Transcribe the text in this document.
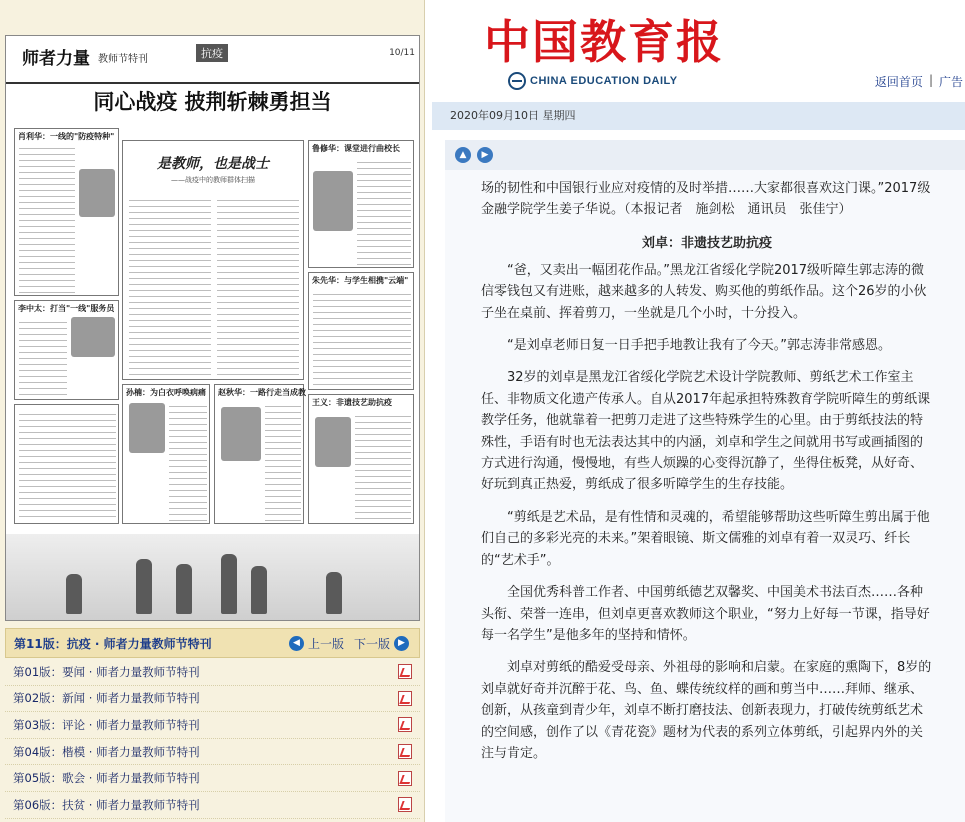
师者力量 教师节特刊	抗疫	10/11
同心战疫 披荆斩棘勇担当
肖利华：一线的"防疫特种"
李中太：打当"一线"服务员
是教师，也是战士
——战疫中的教师群体扫描
孙楠：为白衣呼唤病痛 赵秋华：一路行走当成教
鲁修华：课堂进行曲校长
朱先华：与学生相携"云端"
王义：非遗技艺助抗疫
第11版：抗疫 · 师者力量教师节特刊	◀ 上一版 下一版 ▶
第01版：要闻 · 师者力量教师节特刊
第02版：新闻 · 师者力量教师节特刊
第03版：评论 · 师者力量教师节特刊
第04版：楷模 · 师者力量教师节特刊
第05版：歌会 · 师者力量教师节特刊
第06版：扶贫 · 师者力量教师节特刊
中国教育报
CHINA EDUCATION DAILY	返回首页 | 广告
2020年09月10日 星期四
▲	▶

场的韧性和中国银行业应对疫情的及时举措……大家都很喜欢这门课。”2017级金融学院学生姜子华说。（本报记者　施剑松　通讯员　张佳宁）

刘卓：非遗技艺助抗疫

“爸，又卖出一幅团花作品。”黑龙江省绥化学院2017级听障生郭志涛的微信零钱包又有进账，越来越多的人转发、购买他的剪纸作品。这个26岁的小伙子坐在桌前、挥着剪刀，一坐就是几个小时，十分投入。

“是刘卓老师日复一日手把手地教让我有了今天。”郭志涛非常感恩。

32岁的刘卓是黑龙江省绥化学院艺术设计学院教师、剪纸艺术工作室主任、非物质文化遗产传承人。自从2017年起承担特殊教育学院听障生的剪纸课教学任务，他就靠着一把剪刀走进了这些特殊学生的心里。由于剪纸技法的特殊性，手语有时也无法表达其中的内涵，刘卓和学生之间就用书写或画插图的方式进行沟通，慢慢地，有些人烦躁的心变得沉静了，坐得住板凳，从好奇、好玩到真正热爱，剪纸成了很多听障学生的生存技能。

“剪纸是艺术品，是有性情和灵魂的，希望能够帮助这些听障生剪出属于他们自己的多彩光亮的未来。”架着眼镜、斯文儒雅的刘卓有着一双灵巧、纤长的“艺术手”。

全国优秀科普工作者、中国剪纸德艺双馨奖、中国美术书法百杰……各种头衔、荣誉一连串，但刘卓更喜欢教师这个职业，“努力上好每一节课，指导好每一名学生”是他多年的坚持和情怀。

刘卓对剪纸的酷爱受母亲、外祖母的影响和启蒙。在家庭的熏陶下，8岁的刘卓就好奇并沉醉于花、鸟、鱼、蝶传统纹样的画和剪当中……拜师、继承、创新，从孩童到青少年，刘卓不断打磨技法、创新表现力，打破传统剪纸艺术的空间感，创作了以《青花瓷》题材为代表的系列立体剪纸，引起界内外的关注与肯定。
